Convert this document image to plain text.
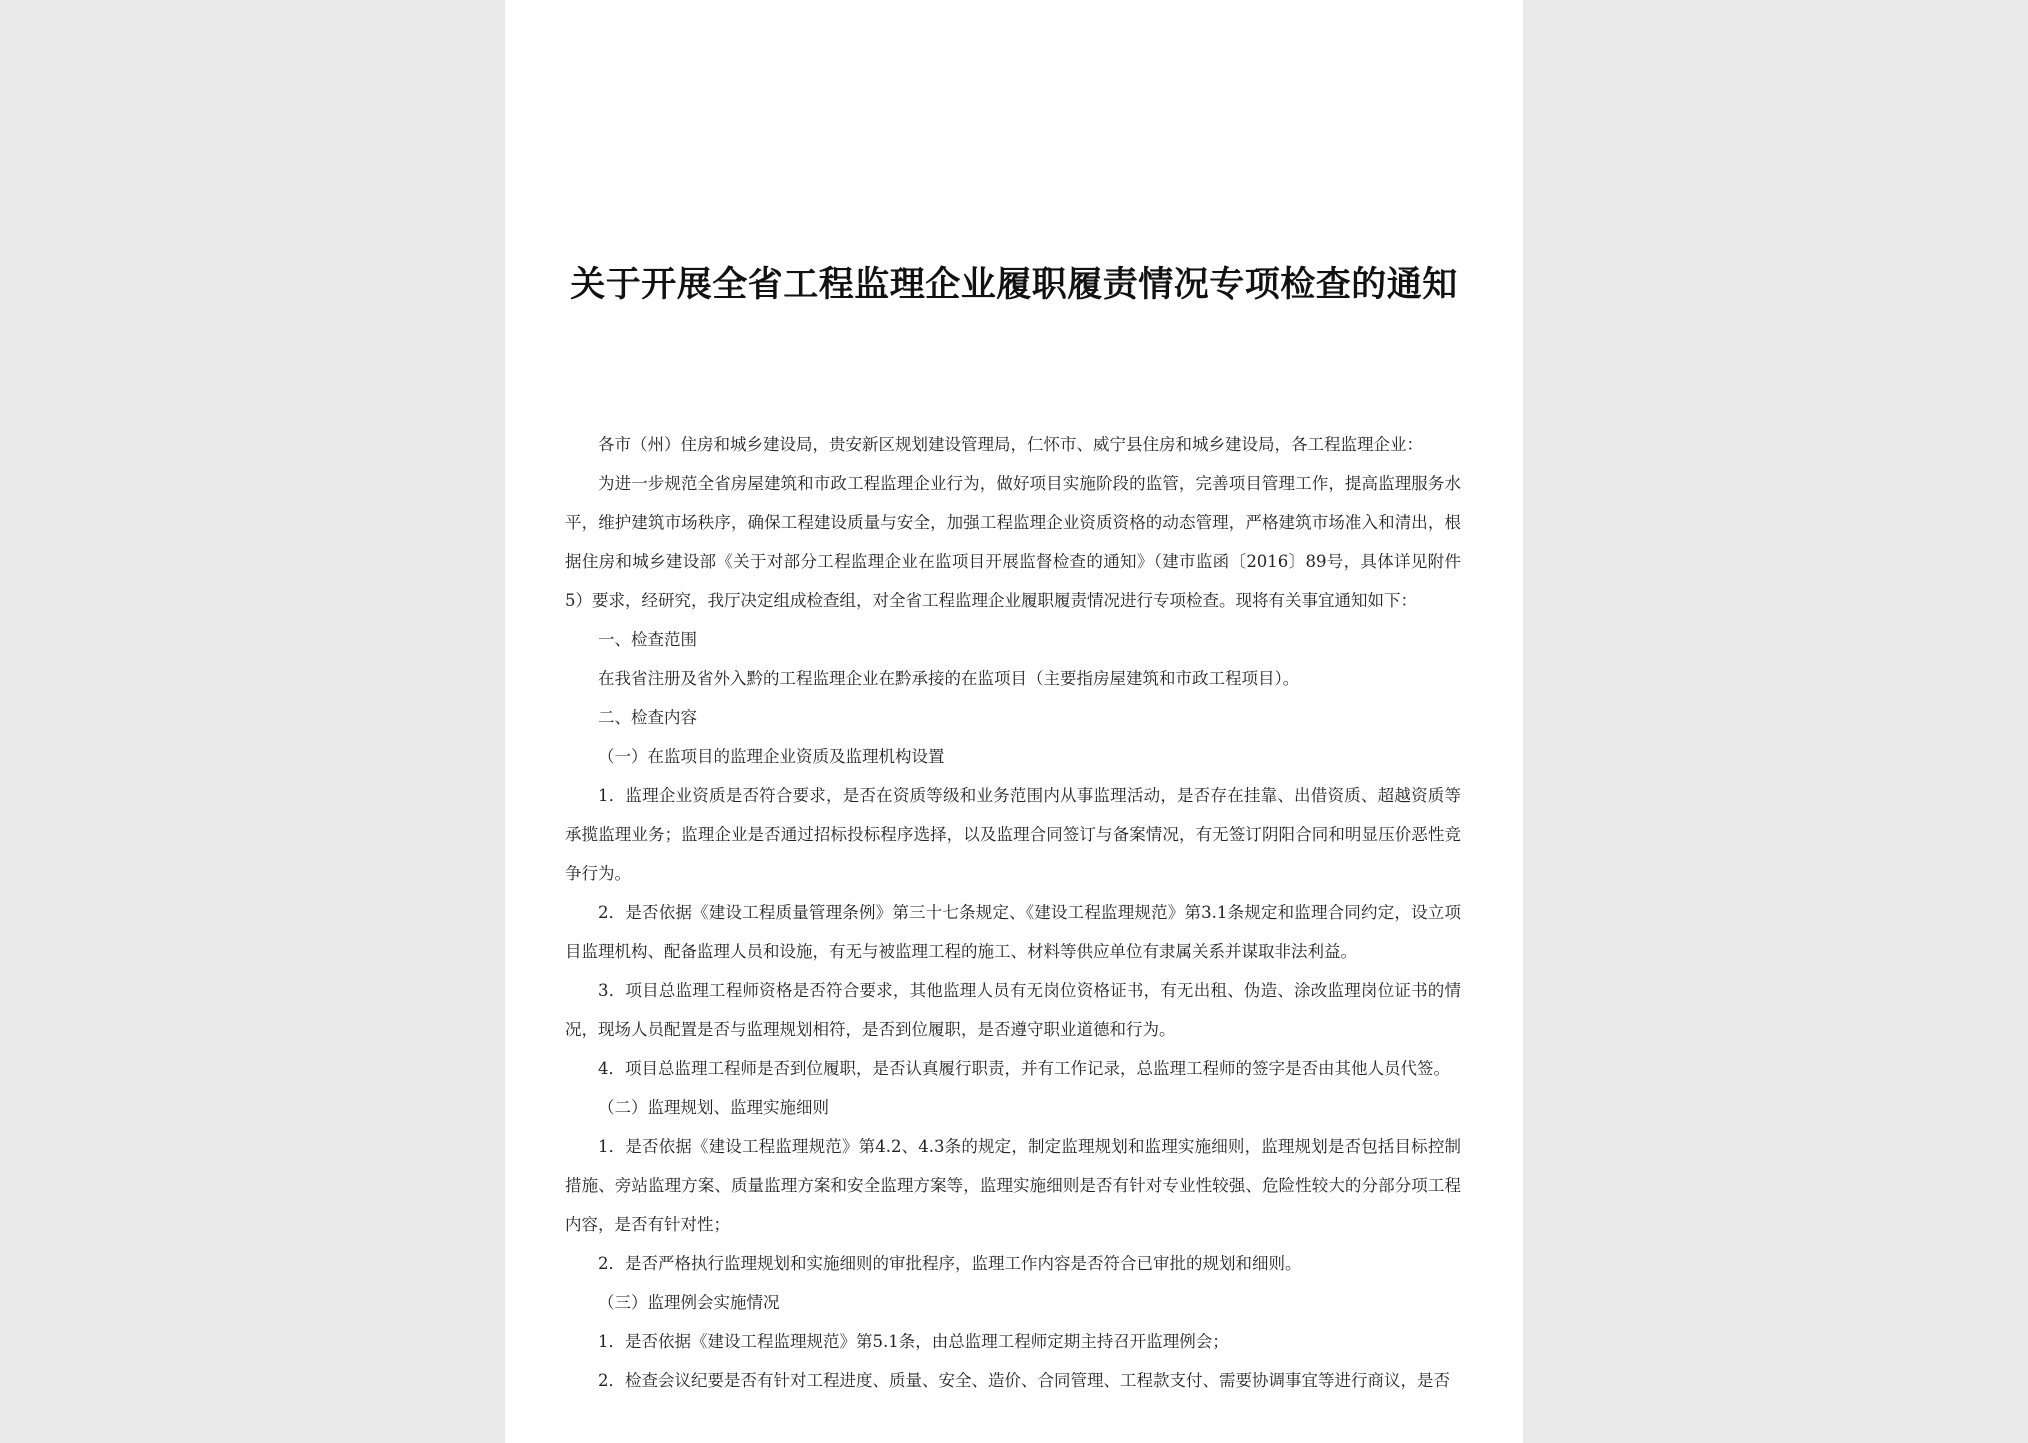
关于开展全省工程监理企业履职履责情况专项检查的通知

各市（州）住房和城乡建设局，贵安新区规划建设管理局，仁怀市、威宁县住房和城乡建设局，各工程监理企业：

为进一步规范全省房屋建筑和市政工程监理企业行为，做好项目实施阶段的监管，完善项目管理工作，提高监理服务水平，维护建筑市场秩序，确保工程建设质量与安全，加强工程监理企业资质资格的动态管理，严格建筑市场准入和清出，根据住房和城乡建设部《关于对部分工程监理企业在监项目开展监督检查的通知》（建市监函〔2016〕89号，具体详见附件5）要求，经研究，我厅决定组成检查组，对全省工程监理企业履职履责情况进行专项检查。现将有关事宜通知如下：

一、检查范围

在我省注册及省外入黔的工程监理企业在黔承接的在监项目（主要指房屋建筑和市政工程项目）。

二、检查内容

（一）在监项目的监理企业资质及监理机构设置

1．监理企业资质是否符合要求，是否在资质等级和业务范围内从事监理活动，是否存在挂靠、出借资质、超越资质等承揽监理业务；监理企业是否通过招标投标程序选择，以及监理合同签订与备案情况，有无签订阴阳合同和明显压价恶性竞争行为。

2．是否依据《建设工程质量管理条例》第三十七条规定、《建设工程监理规范》第3.1条规定和监理合同约定，设立项目监理机构、配备监理人员和设施，有无与被监理工程的施工、材料等供应单位有隶属关系并谋取非法利益。

3．项目总监理工程师资格是否符合要求，其他监理人员有无岗位资格证书，有无出租、伪造、涂改监理岗位证书的情况，现场人员配置是否与监理规划相符，是否到位履职，是否遵守职业道德和行为。

4．项目总监理工程师是否到位履职，是否认真履行职责，并有工作记录，总监理工程师的签字是否由其他人员代签。

（二）监理规划、监理实施细则

1．是否依据《建设工程监理规范》第4.2、4.3条的规定，制定监理规划和监理实施细则，监理规划是否包括目标控制措施、旁站监理方案、质量监理方案和安全监理方案等，监理实施细则是否有针对专业性较强、危险性较大的分部分项工程内容，是否有针对性；

2．是否严格执行监理规划和实施细则的审批程序，监理工作内容是否符合已审批的规划和细则。

（三）监理例会实施情况

1．是否依据《建设工程监理规范》第5.1条，由总监理工程师定期主持召开监理例会；

2．检查会议纪要是否有针对工程进度、质量、安全、造价、合同管理、工程款支付、需要协调事宜等进行商议，是否
